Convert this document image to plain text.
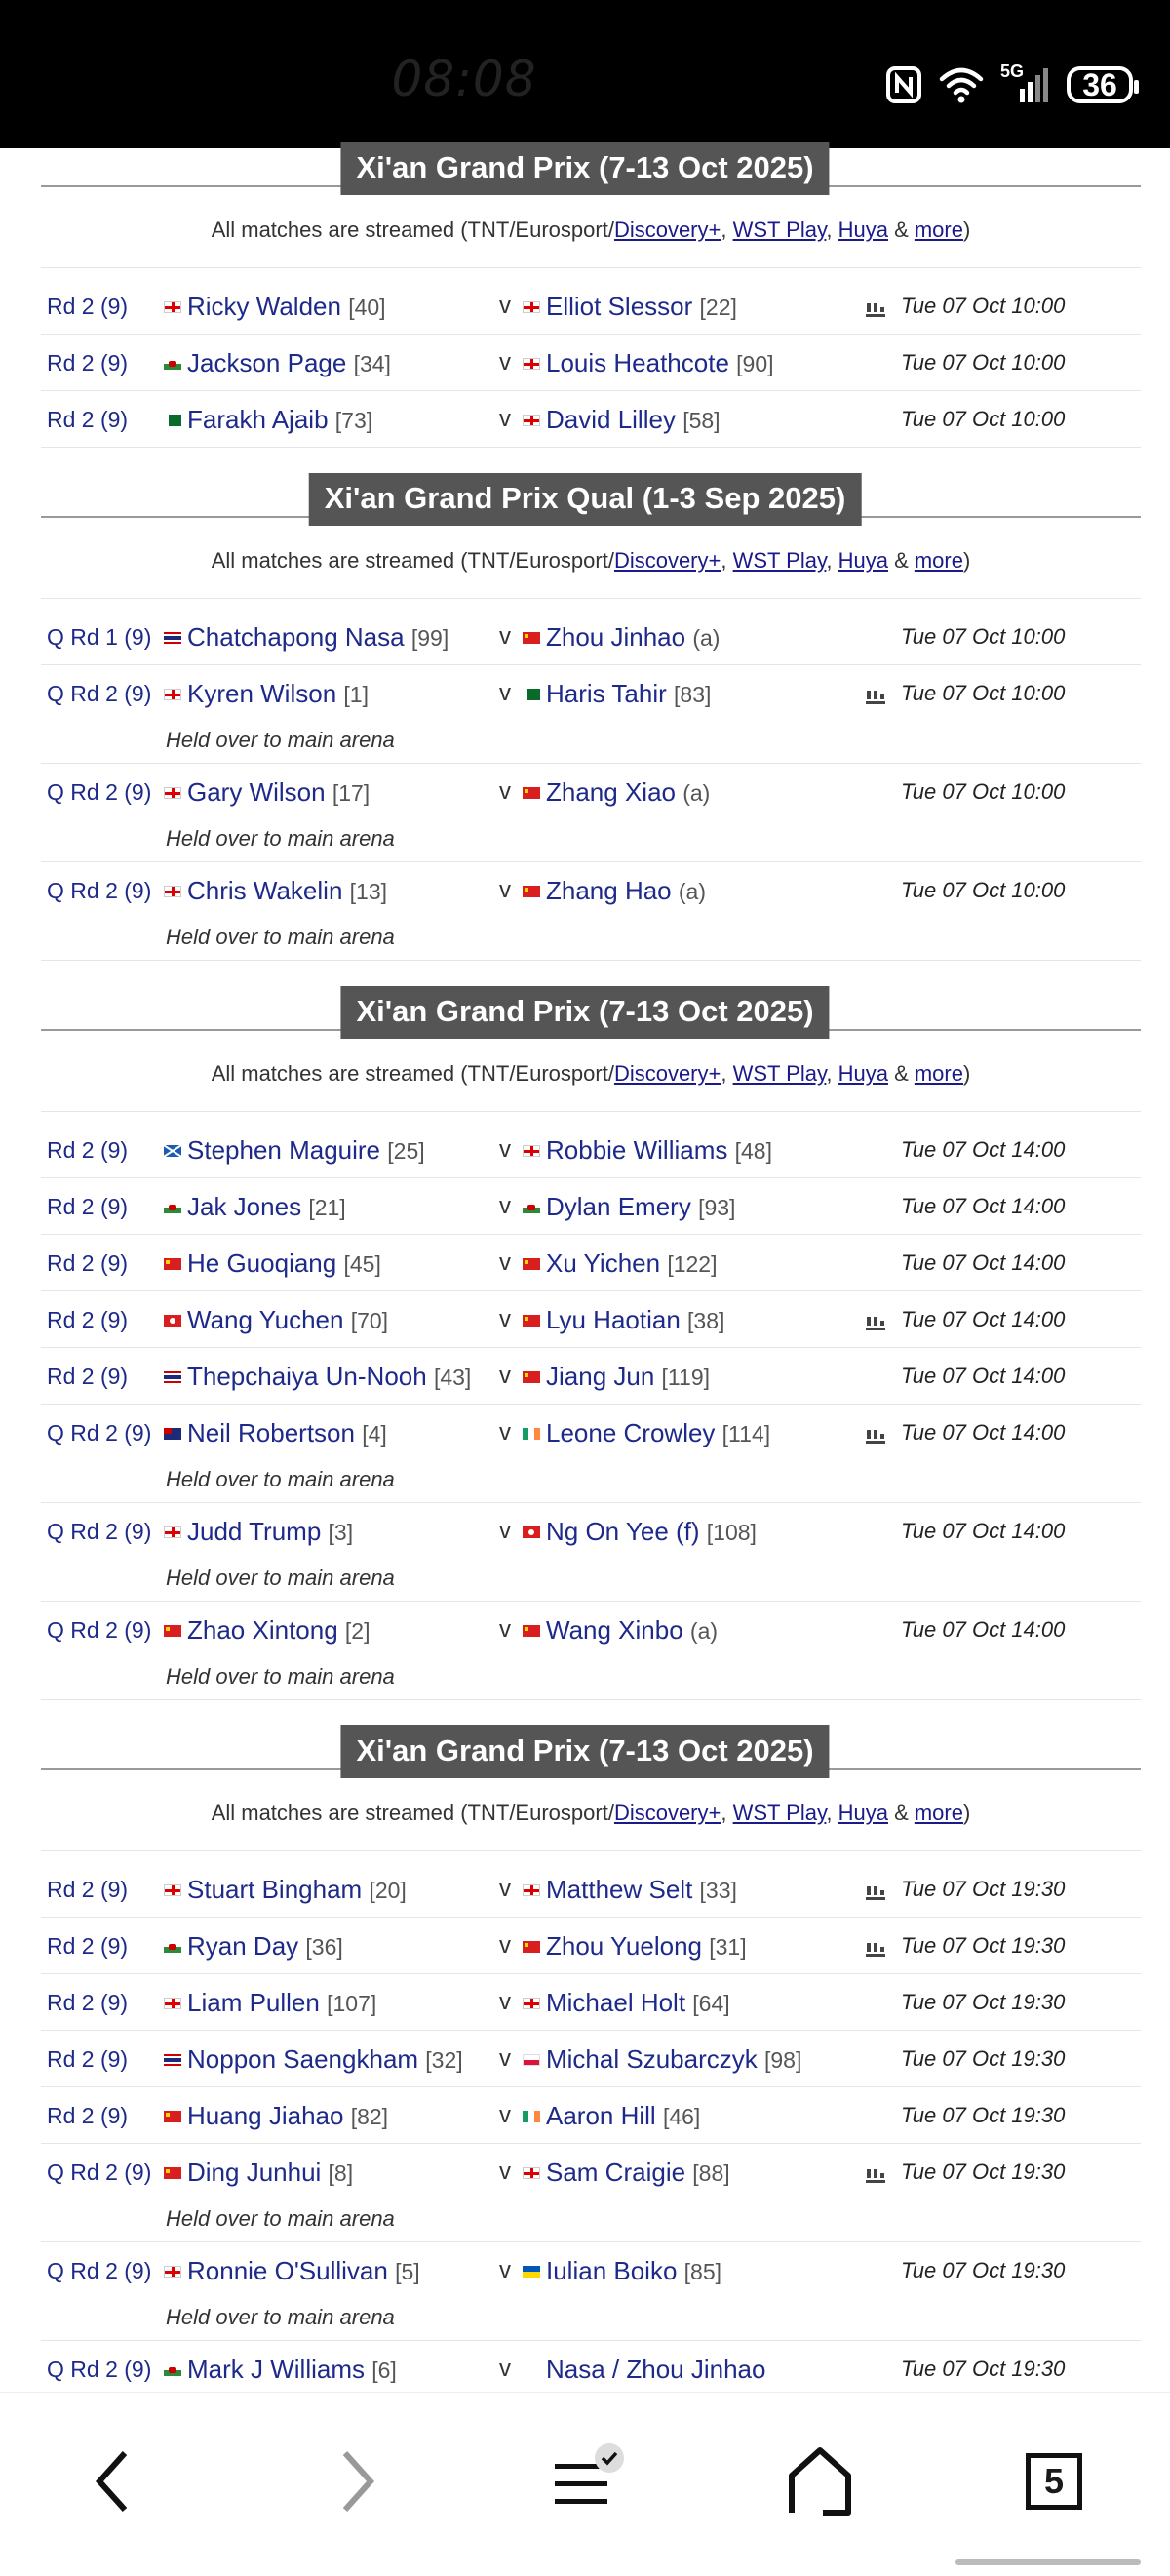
08:08	5G 36
Xi'an Grand Prix (7-13 Oct 2025)
All matches are streamed (TNT/Eurosport/Discovery+, WST Play, Huya & more)
Rd 2 (9)	Ricky Walden [40]	v	Elliot Slessor [22]	Tue 07 Oct 10:00
Rd 2 (9)	Jackson Page [34]	v	Louis Heathcote [90]	Tue 07 Oct 10:00
Rd 2 (9)	Farakh Ajaib [73]	v	David Lilley [58]	Tue 07 Oct 10:00
Xi'an Grand Prix Qual (1-3 Sep 2025)
All matches are streamed (TNT/Eurosport/Discovery+, WST Play, Huya & more)
Q Rd 1 (9)	Chatchapong Nasa [99] v	Zhou Jinhao (a)	Tue 07 Oct 10:00
Q Rd 2 (9)	Kyren Wilson [1]	v	Haris Tahir [83]	Tue 07 Oct 10:00
Held over to main arena
Q Rd 2 (9)	Gary Wilson [17]	v	Zhang Xiao (a)	Tue 07 Oct 10:00
Held over to main arena
Q Rd 2 (9)	Chris Wakelin [13]	v	Zhang Hao (a)	Tue 07 Oct 10:00
Held over to main arena
Xi'an Grand Prix (7-13 Oct 2025)
All matches are streamed (TNT/Eurosport/Discovery+, WST Play, Huya & more)
Rd 2 (9)	Stephen Maguire [25]	v	Robbie Williams [48]	Tue 07 Oct 14:00
Rd 2 (9)	Jak Jones [21]	v	Dylan Emery [93]	Tue 07 Oct 14:00
Rd 2 (9)	He Guoqiang [45]	v	Xu Yichen [122]	Tue 07 Oct 14:00
Rd 2 (9)	Wang Yuchen [70]	v	Lyu Haotian [38]	Tue 07 Oct 14:00
Rd 2 (9)	Thepchaiya Un-Nooh [43] v	Jiang Jun [119]	Tue 07 Oct 14:00
Q Rd 2 (9)	Neil Robertson [4]	v	Leone Crowley [114]	Tue 07 Oct 14:00
Held over to main arena
Q Rd 2 (9)	Judd Trump [3]	v	Ng On Yee (f) [108]	Tue 07 Oct 14:00
Held over to main arena
Q Rd 2 (9)	Zhao Xintong [2]	v	Wang Xinbo (a)	Tue 07 Oct 14:00
Held over to main arena
Xi'an Grand Prix (7-13 Oct 2025)
All matches are streamed (TNT/Eurosport/Discovery+, WST Play, Huya & more)
Rd 2 (9)	Stuart Bingham [20]	v	Matthew Selt [33]	Tue 07 Oct 19:30
Rd 2 (9)	Ryan Day [36]	v	Zhou Yuelong [31]	Tue 07 Oct 19:30
Rd 2 (9)	Liam Pullen [107]	v	Michael Holt [64]	Tue 07 Oct 19:30
Rd 2 (9)	Noppon Saengkham [32] v	Michal Szubarczyk [98]	Tue 07 Oct 19:30
Rd 2 (9)	Huang Jiahao [82]	v	Aaron Hill [46]	Tue 07 Oct 19:30
Q Rd 2 (9)	Ding Junhui [8]	v	Sam Craigie [88]	Tue 07 Oct 19:30
Held over to main arena
Q Rd 2 (9)	Ronnie O'Sullivan [5]	v	Iulian Boiko [85]	Tue 07 Oct 19:30
Held over to main arena
Q Rd 2 (9)	Mark J Williams [6]	v	Nasa / Zhou Jinhao	Tue 07 Oct 19:30
5
